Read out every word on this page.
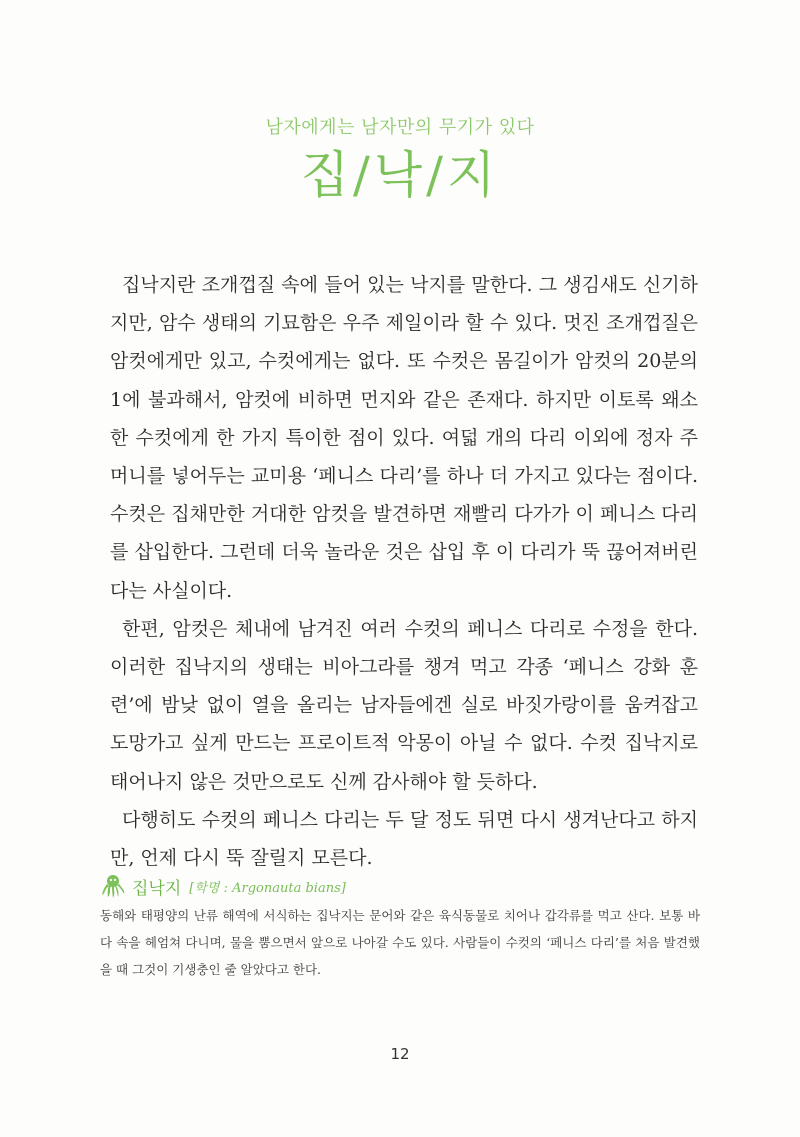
남자에게는 남자만의 무기가 있다
집/낙/지

집낙지란 조개껍질 속에 들어 있는 낙지를 말한다. 그 생김새도 신기하지만, 암수 생태의 기묘함은 우주 제일이라 할 수 있다. 멋진 조개껍질은 암컷에게만 있고, 수컷에게는 없다. 또 수컷은 몸길이가 암컷의 20분의 1에 불과해서, 암컷에 비하면 먼지와 같은 존재다. 하지만 이토록 왜소한 수컷에게 한 가지 특이한 점이 있다. 여덟 개의 다리 이외에 정자 주머니를 넣어두는 교미용 ‘페니스 다리’를 하나 더 가지고 있다는 점이다. 수컷은 집채만한 거대한 암컷을 발견하면 재빨리 다가가 이 페니스 다리를 삽입한다. 그런데 더욱 놀라운 것은 삽입 후 이 다리가 뚝 끊어져버린다는 사실이다.

한편, 암컷은 체내에 남겨진 여러 수컷의 페니스 다리로 수정을 한다. 이러한 집낙지의 생태는 비아그라를 챙겨 먹고 각종 ‘페니스 강화 훈련’에 밤낮 없이 열을 올리는 남자들에겐 실로 바짓가랑이를 움켜잡고 도망가고 싶게 만드는 프로이트적 악몽이 아닐 수 없다. 수컷 집낙지로 태어나지 않은 것만으로도 신께 감사해야 할 듯하다.

다행히도 수컷의 페니스 다리는 두 달 정도 뒤면 다시 생겨난다고 하지만, 언제 다시 뚝 잘릴지 모른다.

집낙지 [학명 : Argonauta bians]
동해와 태평양의 난류 해역에 서식하는 집낙지는 문어와 같은 육식동물로 치어나 갑각류를 먹고 산다. 보통 바다 속을 헤엄쳐 다니며, 물을 뿜으면서 앞으로 나아갈 수도 있다. 사람들이 수컷의 ‘페니스 다리’를 처음 발견했을 때 그것이 기생충인 줄 알았다고 한다.
12
